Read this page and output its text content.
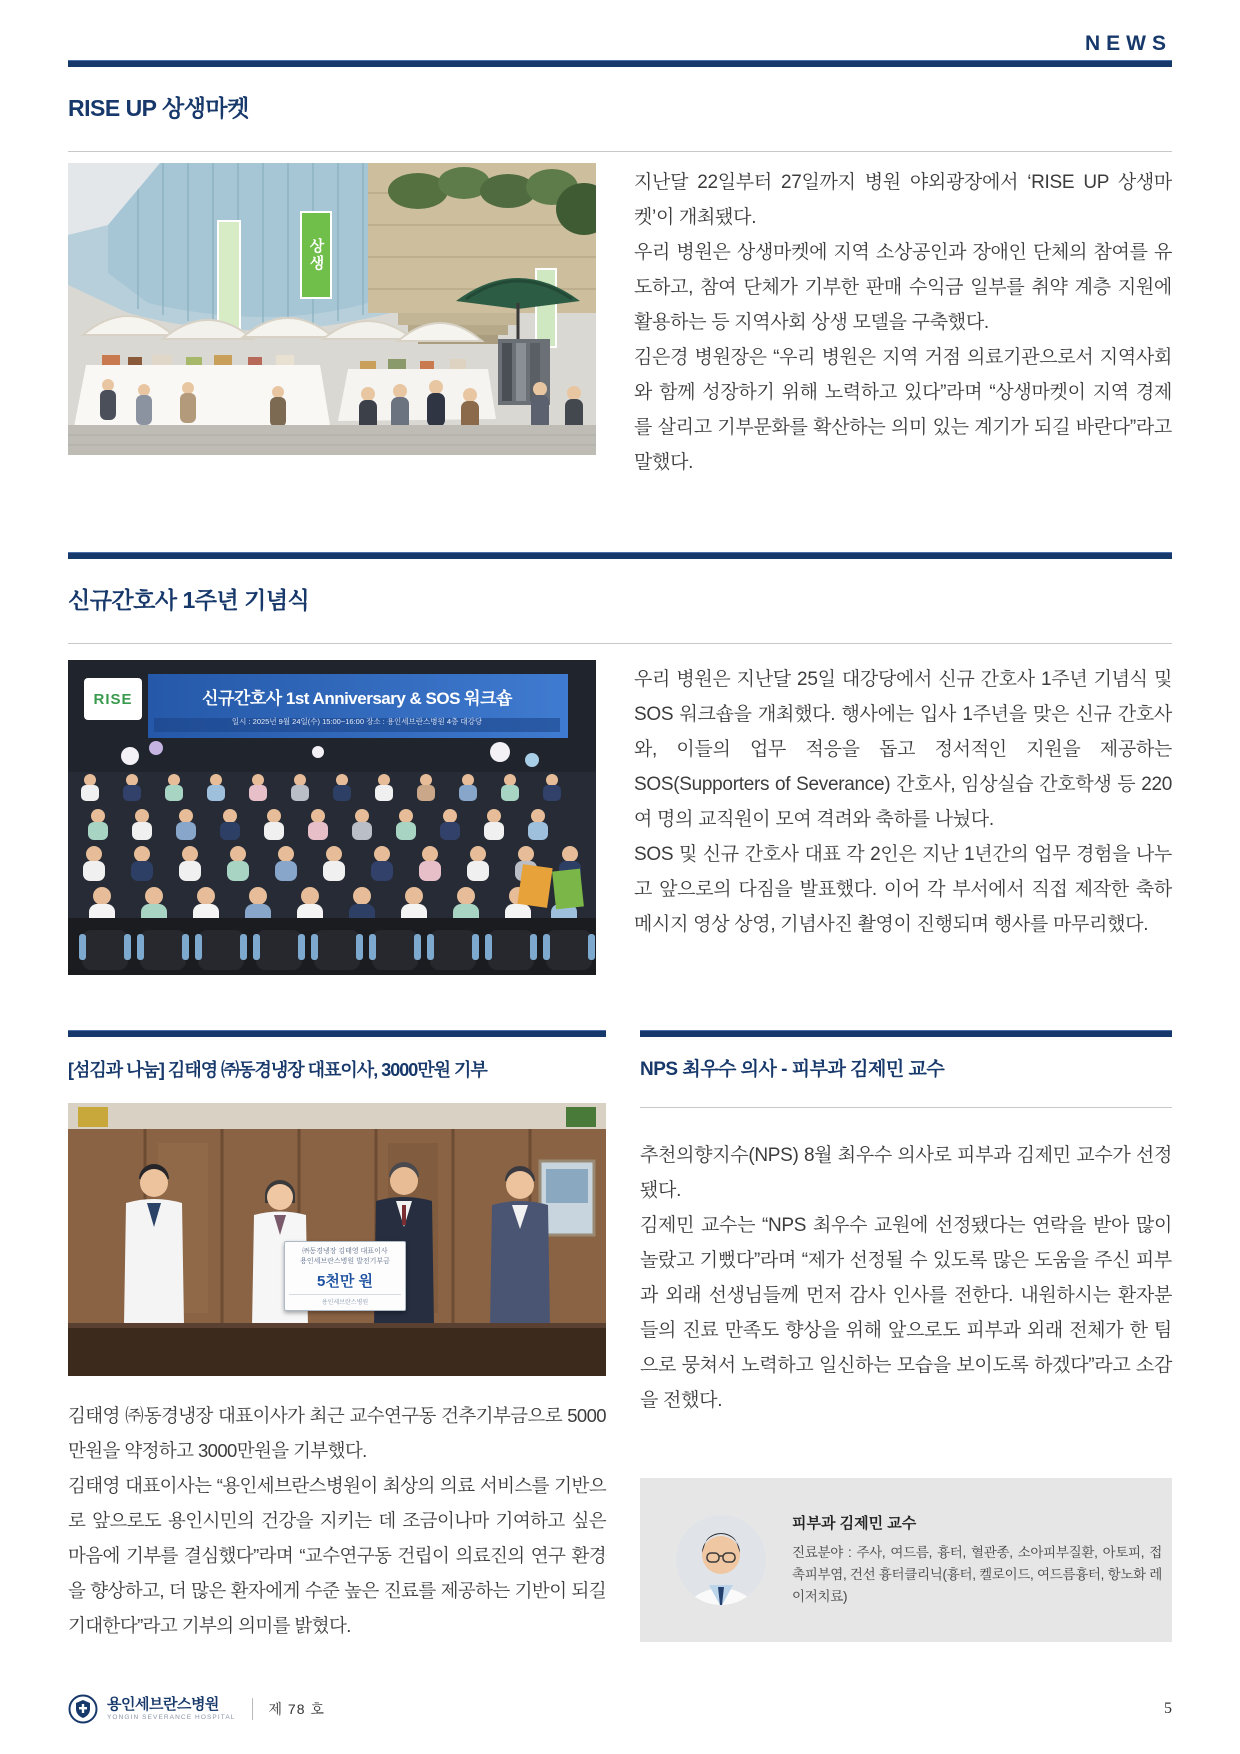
NEWS
RISE UP 상생마켓
상생

지난달 22일부터 27일까지 병원 야외광장에서 ‘RISE UP 상생마켓’이 개최됐다.

우리 병원은 상생마켓에 지역 소상공인과 장애인 단체의 참여를 유도하고, 참여 단체가 기부한 판매 수익금 일부를 취약 계층 지원에 활용하는 등 지역사회 상생 모델을 구축했다.

김은경 병원장은 “우리 병원은 지역 거점 의료기관으로서 지역사회와 함께 성장하기 위해 노력하고 있다”라며 “상생마켓이 지역 경제를 살리고 기부문화를 확산하는 의미 있는 계기가 되길 바란다”라고 말했다.

신규간호사 1주년 기념식
RISE	신규간호사 1st Anniversary & SOS 워크숍
일시 : 2025년 9월 24일(수) 15:00~16:00 장소 : 용인세브란스병원 4층 대강당

우리 병원은 지난달 25일 대강당에서 신규 간호사 1주년 기념식 및 SOS 워크숍을 개최했다. 행사에는 입사 1주년을 맞은 신규 간호사와, 이들의 업무 적응을 돕고 정서적인 지원을 제공하는 SOS(Supporters of Severance) 간호사, 임상실습 간호학생 등 220여 명의 교직원이 모여 격려와 축하를 나눴다.

SOS 및 신규 간호사 대표 각 2인은 지난 1년간의 업무 경험을 나누고 앞으로의 다짐을 발표했다. 이어 각 부서에서 직접 제작한 축하 메시지 영상 상영, 기념사진 촬영이 진행되며 행사를 마무리했다.

[섬김과 나눔] 김태영 ㈜동경냉장 대표이사, 3000만원 기부
㈜동경냉장 김태영 대표이사
용인세브란스병원 발전기부금
5천만 원
용인세브란스병원

김태영 ㈜동경냉장 대표이사가 최근 교수연구동 건추기부금으로 5000만원을 약정하고 3000만원을 기부했다.

김태영 대표이사는 “용인세브란스병원이 최상의 의료 서비스를 기반으로 앞으로도 용인시민의 건강을 지키는 데 조금이나마 기여하고 싶은 마음에 기부를 결심했다”라며 “교수연구동 건립이 의료진의 연구 환경을 향상하고, 더 많은 환자에게 수준 높은 진료를 제공하는 기반이 되길 기대한다”라고 기부의 의미를 밝혔다.

NPS 최우수 의사 - 피부과 김제민 교수

추천의향지수(NPS) 8월 최우수 의사로 피부과 김제민 교수가 선정됐다.

김제민 교수는 “NPS 최우수 교원에 선정됐다는 연락을 받아 많이 놀랐고 기뻤다”라며 “제가 선정될 수 있도록 많은 도움을 주신 피부과 외래 선생님들께 먼저 감사 인사를 전한다. 내원하시는 환자분들의 진료 만족도 향상을 위해 앞으로도 피부과 외래 전체가 한 팀으로 뭉쳐서 노력하고 일신하는 모습을 보이도록 하겠다”라고 소감을 전했다.

피부과 김제민 교수

진료분야 : 주사, 여드름, 흉터, 혈관종, 소아피부질환, 아토피, 접촉피부염, 건선 흉터클리닉(흉터, 켈로이드, 여드름흉터, 항노화 레이저치료)

용인세브란스병원
YONGIN SEVERANCE HOSPITAL
제 78 호	5
